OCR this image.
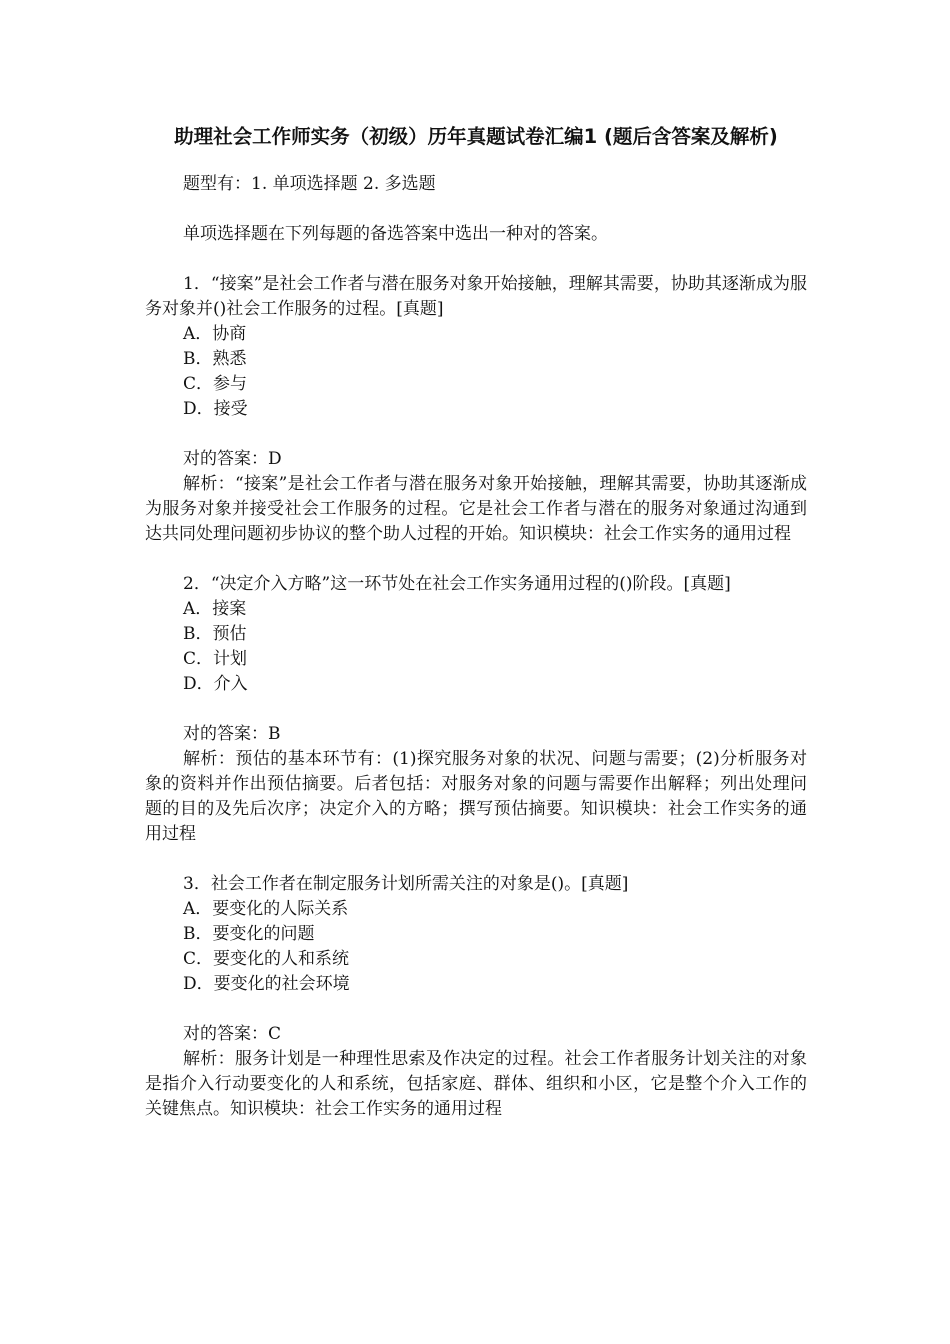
助理社会工作师实务（初级）历年真题试卷汇编1 (题后含答案及解析)

题型有：1. 单项选择题 2. 多选题

单项选择题在下列每题的备选答案中选出一种对的答案。

1．“接案”是社会工作者与潜在服务对象开始接触，理解其需要，协助其逐渐成为服务对象并()社会工作服务的过程。[真题]

A．协商

B．熟悉

C．参与

D．接受

对的答案：D

解析：“接案”是社会工作者与潜在服务对象开始接触，理解其需要，协助其逐渐成 为服务对象并接受社会工作服务的过程。它是社会工作者与潜在的服务对象通过沟通到达共同处理问题初步协议的整个助人过程的开始。知识模块：社会工作实务的通用过程

2．“决定介入方略”这一环节处在社会工作实务通用过程的()阶段。[真题]

A．接案

B．预估

C．计划

D．介入

对的答案：B

解析：预估的基本环节有：(1)探究服务对象的状况、问题与需要；(2)分析服务对象的资料并作出预估摘要。后者包括：对服务对象的问题与需要作出解释；列出处理问题的目的及先后次序；决定介入的方略；撰写预估摘要。知识模块：社会工作实务的通用过程

3．社会工作者在制定服务计划所需关注的对象是()。[真题]

A．要变化的人际关系

B．要变化的问题

C．要变化的人和系统

D．要变化的社会环境

对的答案：C

解析：服务计划是一种理性思索及作决定的过程。社会工作者服务计划关注的对象是指介入行动要变化的人和系统，包括家庭、群体、组织和小区，它是整个介入工作的关键焦点。知识模块：社会工作实务的通用过程
